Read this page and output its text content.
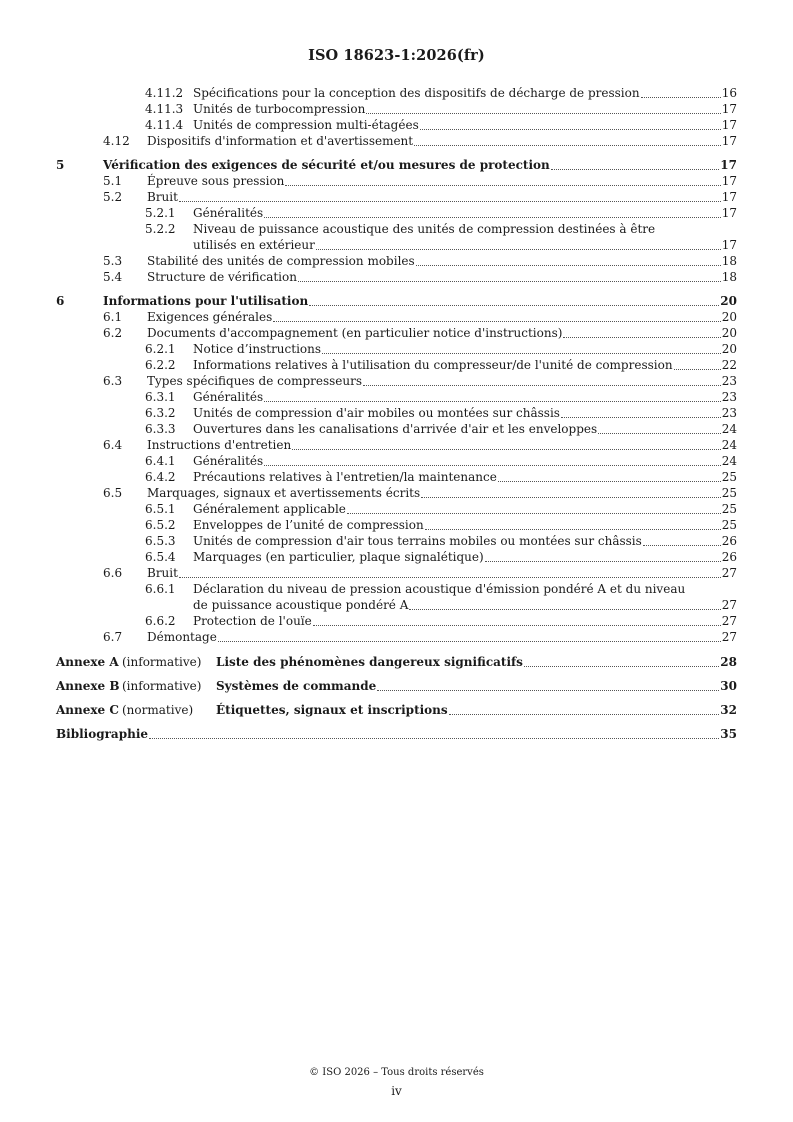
ISO 18623-1:2026(fr)
4.11.2 Spécifications pour la conception des dispositifs de décharge de pression	16
4.11.3 Unités de turbocompression	17
4.11.4 Unités de compression multi-étagées	17
4.12 Dispositifs d'information et d'avertissement	17
5	Vérification des exigences de sécurité et/ou mesures de protection	17
5.1 Épreuve sous pression	17
5.2 Bruit	17
5.2.1 Généralités	17
5.2.2 Niveau de puissance acoustique des unités de compression destinées à être
utilisés en extérieur	17
5.3 Stabilité des unités de compression mobiles	18
5.4 Structure de vérification	18
6	Informations pour l'utilisation	20
6.1 Exigences générales	20
6.2 Documents d'accompagnement (en particulier notice d'instructions)	20
6.2.1 Notice d’instructions	20
6.2.2 Informations relatives à l'utilisation du compresseur/de l'unité de compression	22
6.3 Types spécifiques de compresseurs	23
6.3.1 Généralités	23
6.3.2 Unités de compression d'air mobiles ou montées sur châssis	23
6.3.3 Ouvertures dans les canalisations d'arrivée d'air et les enveloppes	24
6.4 Instructions d'entretien	24
6.4.1 Généralités	24
6.4.2 Précautions relatives à l'entretien/la maintenance	25
6.5 Marquages, signaux et avertissements écrits	25
6.5.1 Généralement applicable	25
6.5.2 Enveloppes de l’unité de compression	25
6.5.3 Unités de compression d'air tous terrains mobiles ou montées sur châssis	26
6.5.4 Marquages (en particulier, plaque signalétique)	26
6.6 Bruit	27
6.6.1 Déclaration du niveau de pression acoustique d'émission pondéré A et du niveau
de puissance acoustique pondéré A	27
6.6.2 Protection de l'ouïe	27
6.7 Démontage	27
Annexe A (informative) Liste des phénomènes dangereux significatifs	28
Annexe B (informative) Systèmes de commande	30
Annexe C (normative) Étiquettes, signaux et inscriptions	32
Bibliographie	35
© ISO 2026 – Tous droits réservés
iv
